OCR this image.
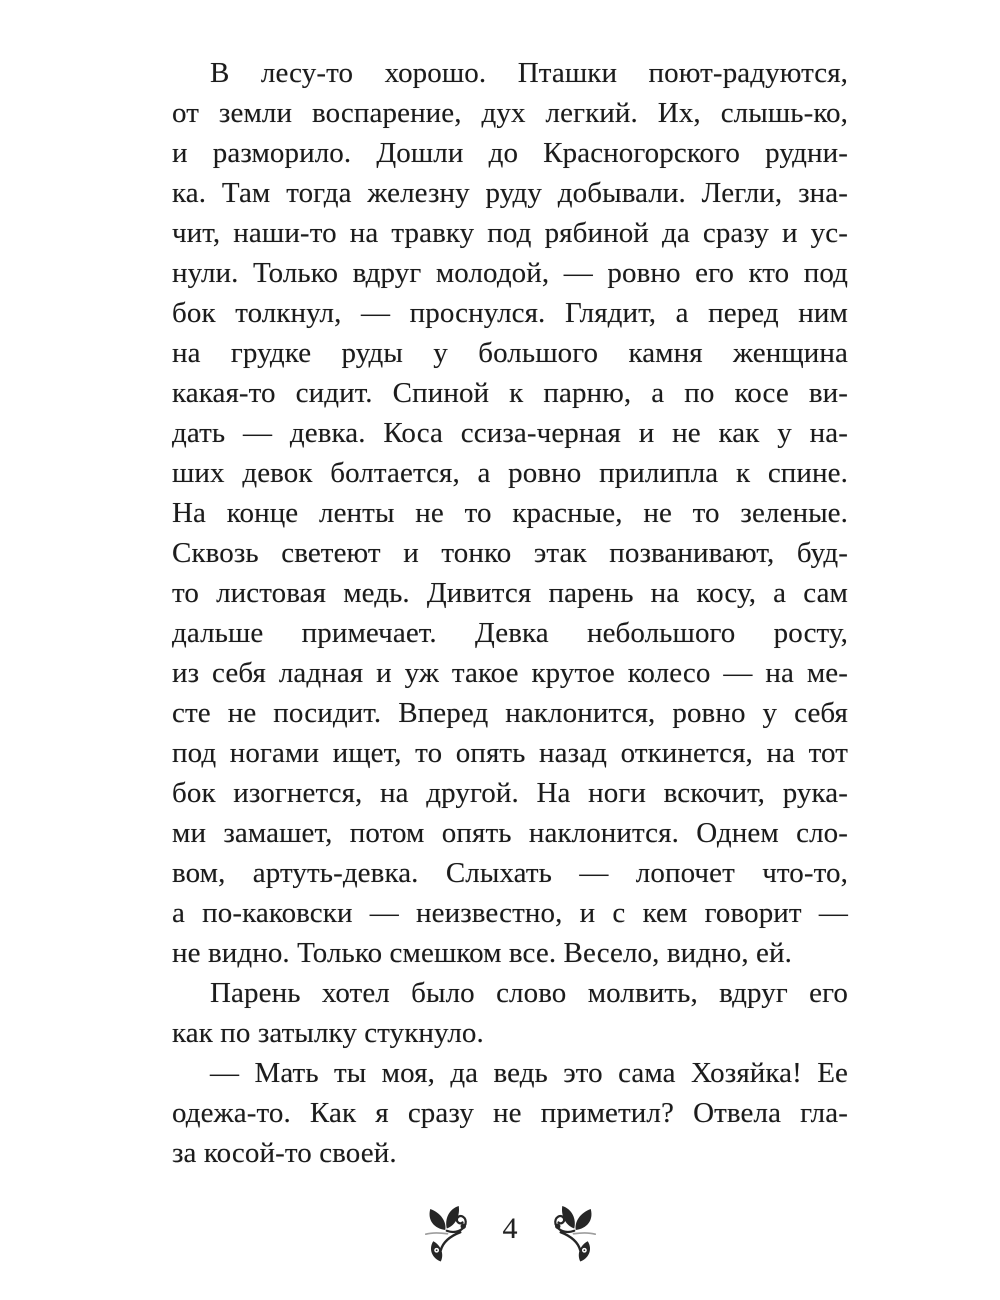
В лесу-то хорошо. Пташки поют-радуются,
от земли воспарение, дух легкий. Их, слышь-ко,
и разморило. Дошли до Красногорского рудни-
ка. Там тогда железну руду добывали. Легли, зна-
чит, наши-то на травку под рябиной да сразу и ус-
нули. Только вдруг молодой, — ровно его кто под
бок толкнул, — проснулся. Глядит, а перед ним
на грудке руды у большого камня женщина
какая-то сидит. Спиной к парню, а по косе ви-
дать — девка. Коса ссиза-черная и не как у на-
ших девок болтается, а ровно прилипла к спине.
На конце ленты не то красные, не то зеленые.
Сквозь светеют и тонко этак позванивают, буд-
то листовая медь. Дивится парень на косу, а сам
дальше примечает. Девка небольшого росту,
из себя ладная и уж такое крутое колесо — на ме-
сте не посидит. Вперед наклонится, ровно у себя
под ногами ищет, то опять назад откинется, на тот
бок изогнется, на другой. На ноги вскочит, рука-
ми замашет, потом опять наклонится. Однем сло-
вом, артуть-девка. Слыхать — лопочет что-то,
а по-каковски — неизвестно, и с кем говорит —
не видно. Только смешком все. Весело, видно, ей.
Парень хотел было слово молвить, вдруг его
как по затылку стукнуло.
— Мать ты моя, да ведь это сама Хозяйка! Ее
одежа-то. Как я сразу не приметил? Отвела гла-
за косой-то своей.
4
